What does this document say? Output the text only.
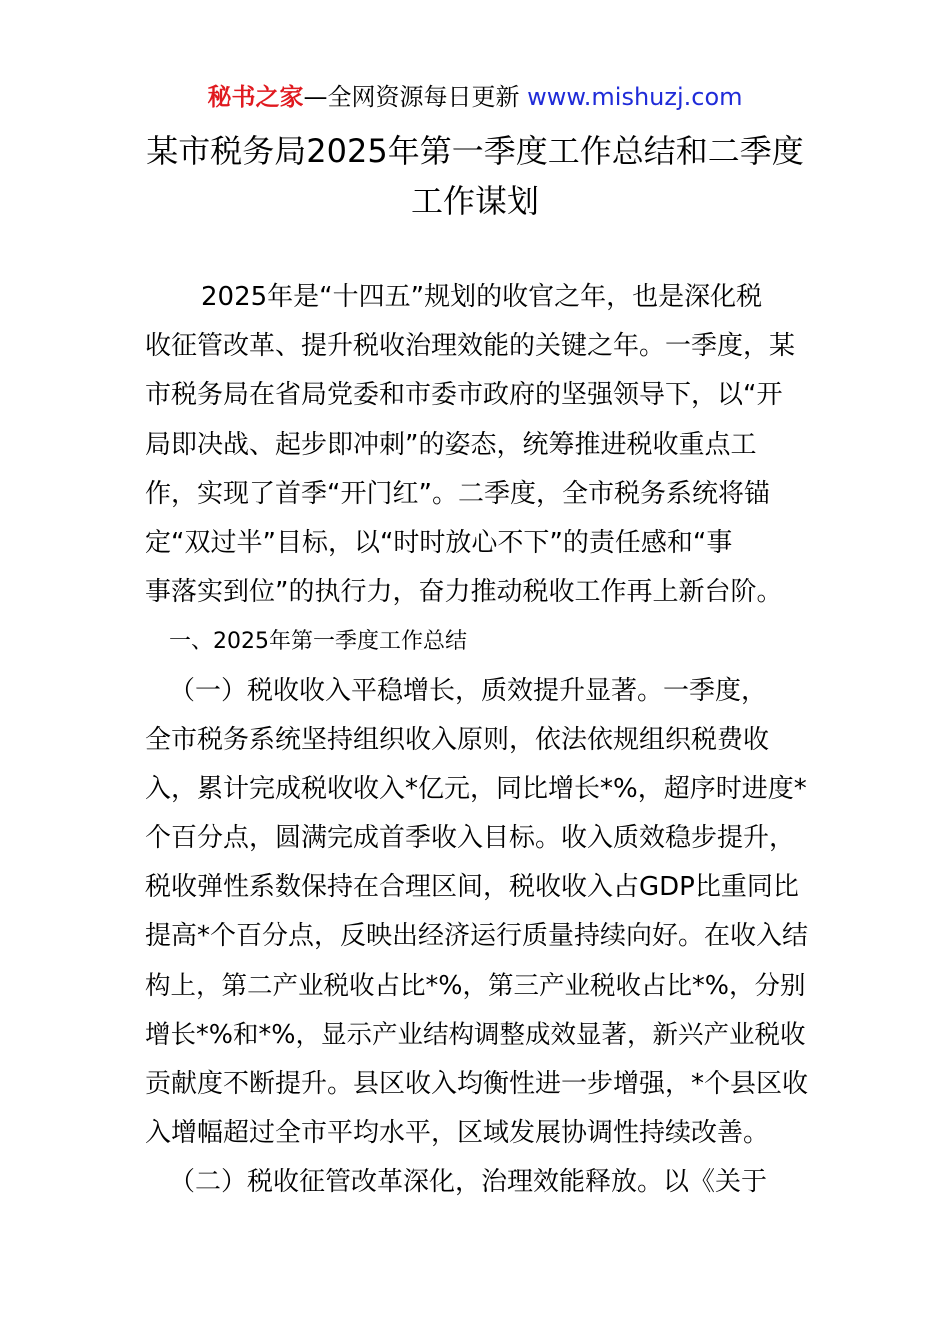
秘书之家—全网资源每日更新 www.mishuzj.com
某市税务局2025年第一季度工作总结和二季度
工作谋划
2025年是“十四五”规划的收官之年，也是深化税
收征管改革、提升税收治理效能的关键之年。一季度，某
市税务局在省局党委和市委市政府的坚强领导下，以“开
局即决战、起步即冲刺”的姿态，统筹推进税收重点工
作，实现了首季“开门红”。二季度，全市税务系统将锚
定“双过半”目标，以“时时放心不下”的责任感和“事
事落实到位”的执行力，奋力推动税收工作再上新台阶。
一、2025年第一季度工作总结
（一）税收收入平稳增长，质效提升显著。一季度，
全市税务系统坚持组织收入原则，依法依规组织税费收
入，累计完成税收收入*亿元，同比增长*%，超序时进度*
个百分点，圆满完成首季收入目标。收入质效稳步提升，
税收弹性系数保持在合理区间，税收收入占GDP比重同比
提高*个百分点，反映出经济运行质量持续向好。在收入结
构上，第二产业税收占比*%，第三产业税收占比*%，分别
增长*%和*%，显示产业结构调整成效显著，新兴产业税收
贡献度不断提升。县区收入均衡性进一步增强，*个县区收
入增幅超过全市平均水平，区域发展协调性持续改善。
（二）税收征管改革深化，治理效能释放。以《关于
